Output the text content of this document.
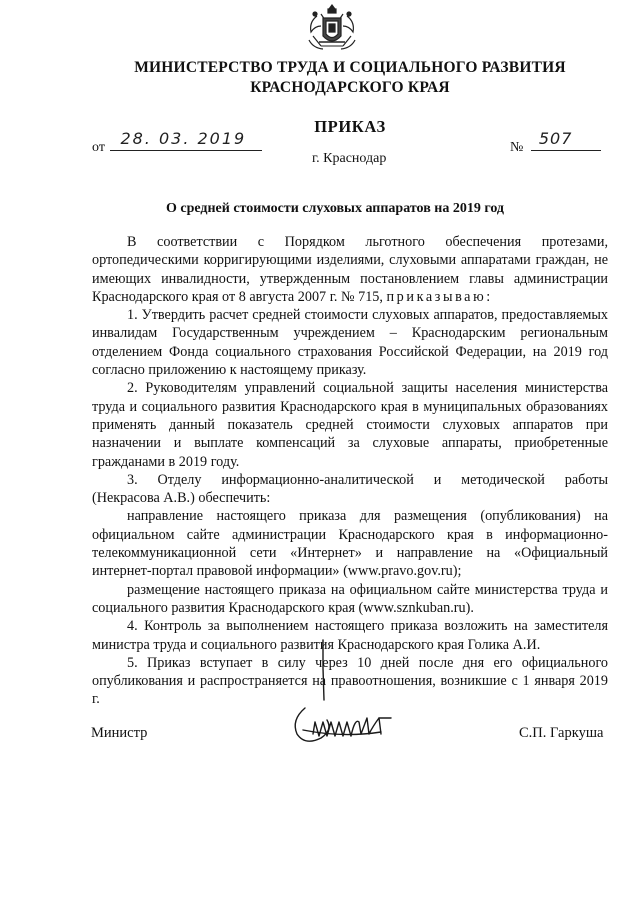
МИНИСТЕРСТВО ТРУДА И СОЦИАЛЬНОГО РАЗВИТИЯ
КРАСНОДАРСКОГО КРАЯ
ПРИКАЗ
от 28. 03. 2019	№ 507
г. Краснодар
О средней стоимости слуховых аппаратов на 2019 год

В соответствии с Порядком льготного обеспечения протезами, ортопедическими корригирующими изделиями, слуховыми аппаратами граждан, не имеющих инвалидности, утвержденным постановлением главы администрации Краснодарского края от 8 августа 2007 г. № 715, приказываю:

1. Утвердить расчет средней стоимости слуховых аппаратов, предоставляемых инвалидам Государственным учреждением – Краснодарским региональным отделением Фонда социального страхования Российской Федерации, на 2019 год согласно приложению к настоящему приказу.

2. Руководителям управлений социальной защиты населения министерства труда и социального развития Краснодарского края в муниципальных образованиях применять данный показатель средней стоимости слуховых аппаратов при назначении и выплате компенсаций за слуховые аппараты, приобретенные гражданами в 2019 году.

3. Отделу информационно-аналитической и методической работы

(Некрасова А.В.) обеспечить:

направление настоящего приказа для размещения (опубликования) на официальном сайте администрации Краснодарского края в информационно-телекоммуникационной сети «Интернет» и направление на «Официальный интернет-портал правовой информации» (www.pravo.gov.ru);

размещение настоящего приказа на официальном сайте министерства труда и социального развития Краснодарского края (www.sznkuban.ru).

4. Контроль за выполнением настоящего приказа возложить на заместителя министра труда и социального развития Краснодарского края Голика А.И.

5. Приказ вступает в силу через 10 дней после дня его официального опубликования и распространяется на правоотношения, возникшие с 1 января 2019 г.

Министр	С.П. Гаркуша
